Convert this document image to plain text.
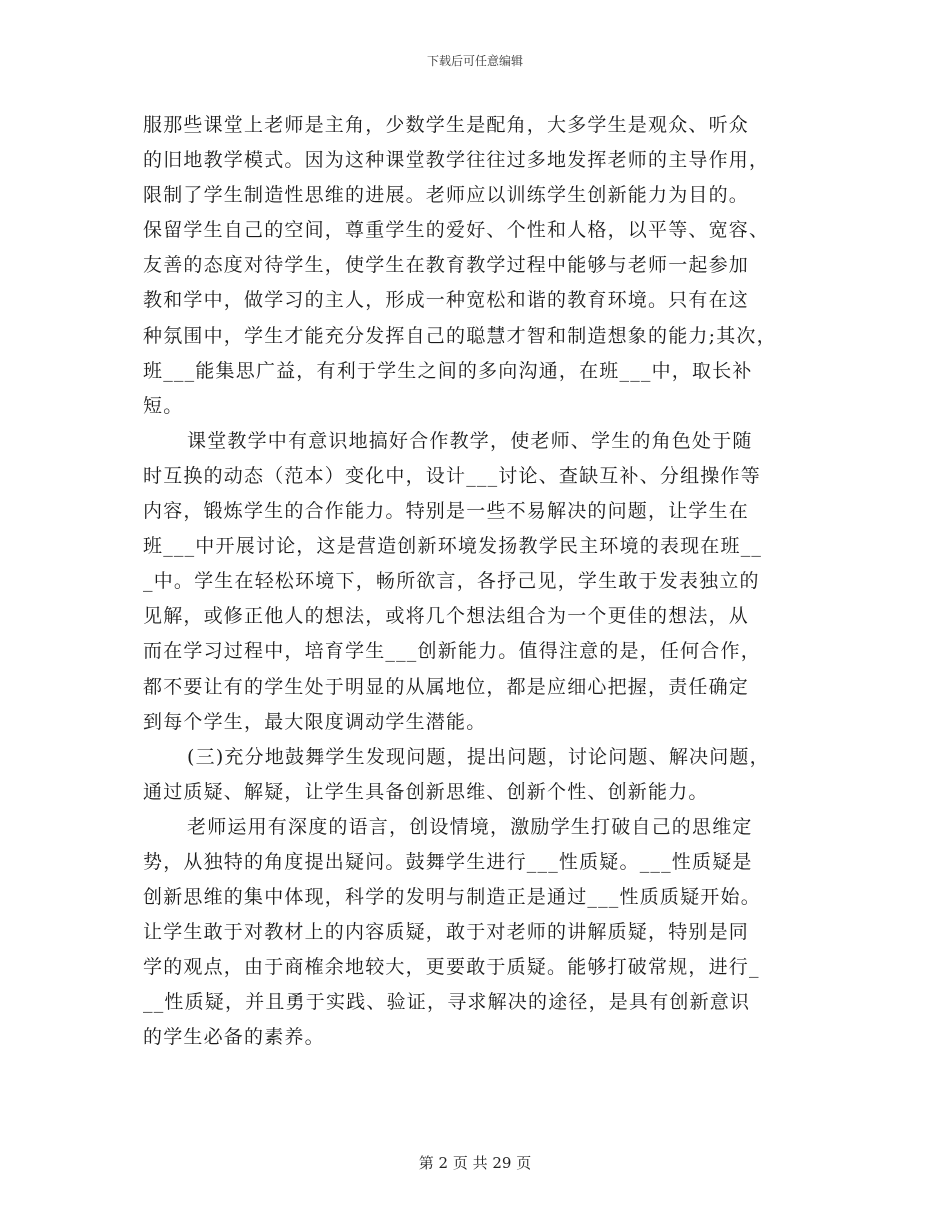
下载后可任意编辑
服那些课堂上老师是主角，少数学生是配角，大多学生是观众、听众
的旧地教学模式。因为这种课堂教学往往过多地发挥老师的主导作用，
限制了学生制造性思维的进展。老师应以训练学生创新能力为目的。
保留学生自己的空间，尊重学生的爱好、个性和人格，以平等、宽容、
友善的态度对待学生，使学生在教育教学过程中能够与老师一起参加
教和学中，做学习的主人，形成一种宽松和谐的教育环境。只有在这
种氛围中，学生才能充分发挥自己的聪慧才智和制造想象的能力;其次，
班___能集思广益，有利于学生之间的多向沟通，在班___中，取长补
短。
课堂教学中有意识地搞好合作教学，使老师、学生的角色处于随
时互换的动态（范本）变化中，设计___讨论、查缺互补、分组操作等
内容，锻炼学生的合作能力。特别是一些不易解决的问题，让学生在
班___中开展讨论，这是营造创新环境发扬教学民主环境的表现在班__
_中。学生在轻松环境下，畅所欲言，各抒己见，学生敢于发表独立的
见解，或修正他人的想法，或将几个想法组合为一个更佳的想法，从
而在学习过程中，培育学生___创新能力。值得注意的是，任何合作，
都不要让有的学生处于明显的从属地位，都是应细心把握，责任确定
到每个学生，最大限度调动学生潜能。
(三)充分地鼓舞学生发现问题，提出问题，讨论问题、解决问题，
通过质疑、解疑，让学生具备创新思维、创新个性、创新能力。
老师运用有深度的语言，创设情境，激励学生打破自己的思维定
势，从独特的角度提出疑问。鼓舞学生进行___性质疑。___性质疑是
创新思维的集中体现，科学的发明与制造正是通过___性质质疑开始。
让学生敢于对教材上的内容质疑，敢于对老师的讲解质疑，特别是同
学的观点，由于商榷余地较大，更要敢于质疑。能够打破常规，进行_
__性质疑，并且勇于实践、验证，寻求解决的途径，是具有创新意识
的学生必备的素养。
第 2 页 共 29 页
